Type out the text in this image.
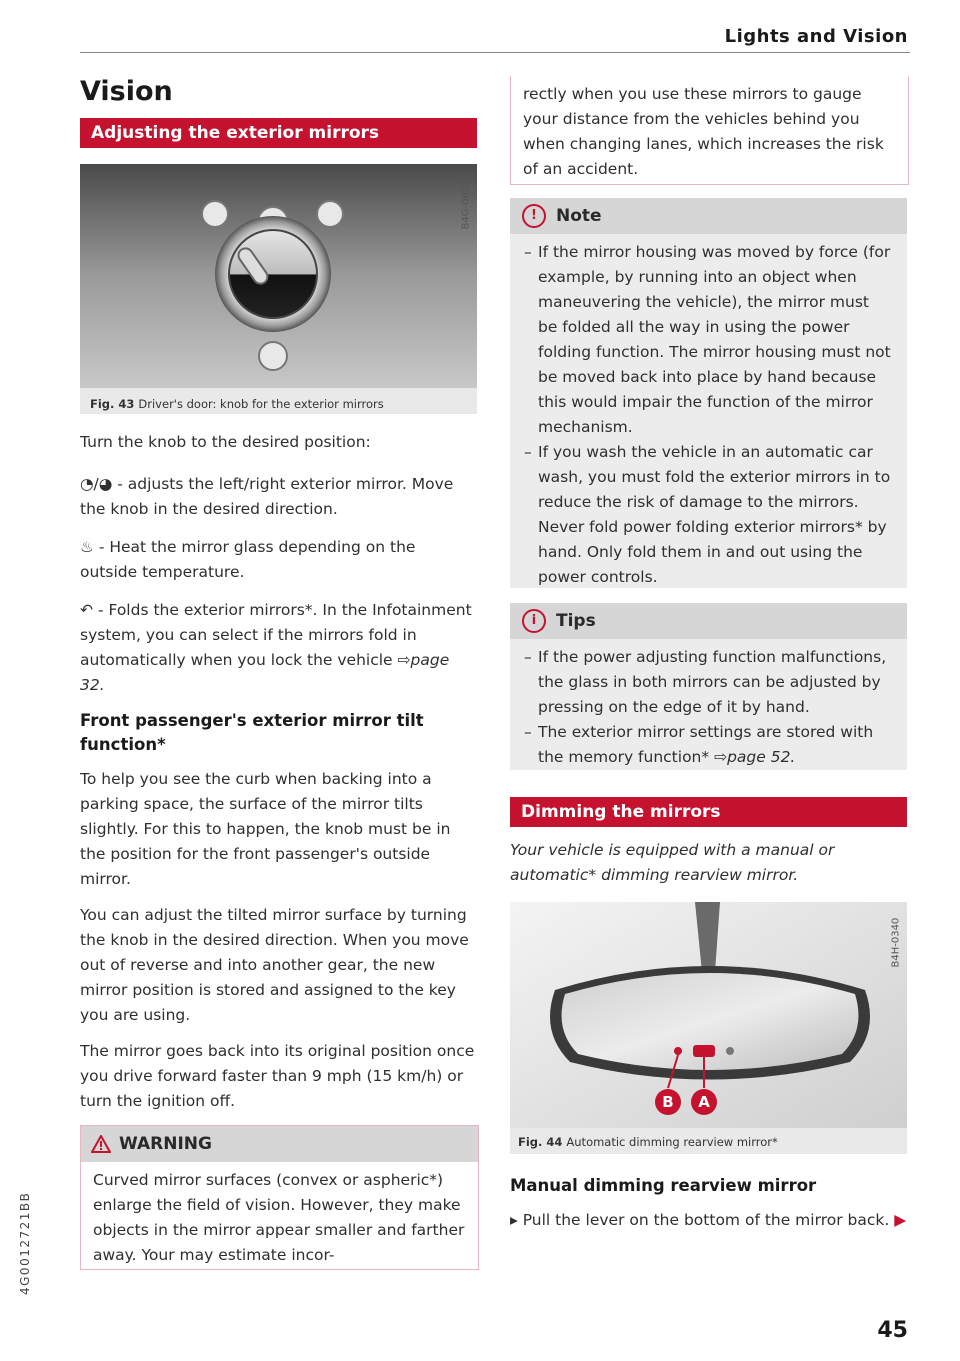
Lights and Vision
4G0012721BB
Vision
Adjusting the exterior mirrors
B4G-0621
Fig. 43 Driver's door: knob for the exterior mirrors

Turn the knob to the desired position:

◔/◕ - adjusts the left/right exterior mirror. Move the knob in the desired direction.

♨ - Heat the mirror glass depending on the outside temperature.

↶ - Folds the exterior mirrors*. In the Infotainment system, you can select if the mirrors fold in automatically when you lock the vehicle ⇨page 32.

Front passenger's exterior mirror tilt function*

To help you see the curb when backing into a parking space, the surface of the mirror tilts slightly. For this to happen, the knob must be in the position for the front passenger's outside mirror.

You can adjust the tilted mirror surface by turning the knob in the desired direction. When you move out of reverse and into another gear, the new mirror position is stored and assigned to the key you are using.

The mirror goes back into its original position once you drive forward faster than 9 mph (15 km/h) or turn the ignition off.

WARNING

Curved mirror surfaces (convex or aspheric*) enlarge the field of vision. However, they make objects in the mirror appear smaller and farther away. Your may estimate incor-

rectly when you use these mirrors to gauge your distance from the vehicles behind you when changing lanes, which increases the risk of an accident.

!	Note
– If the mirror housing was moved by force (for example, by running into an object when maneuvering the vehicle), the mirror must be folded all the way in using the power folding function. The mirror housing must not be moved back into place by hand because this would impair the function of the mirror mechanism.
– If you wash the vehicle in an automatic car wash, you must fold the exterior mirrors in to reduce the risk of damage to the mirrors. Never fold power folding exterior mirrors* by hand. Only fold them in and out using the power controls.
i	Tips
– If the power adjusting function malfunctions, the glass in both mirrors can be adjusted by pressing on the edge of it by hand.
– The exterior mirror settings are stored with the memory function* ⇨page 52.
Dimming the mirrors

Your vehicle is equipped with a manual or automatic* dimming rearview mirror.

B A
B4H-0340
Fig. 44 Automatic dimming rearview mirror*
Manual dimming rearview mirror

▸ Pull the lever on the bottom of the mirror back. ▶

45
